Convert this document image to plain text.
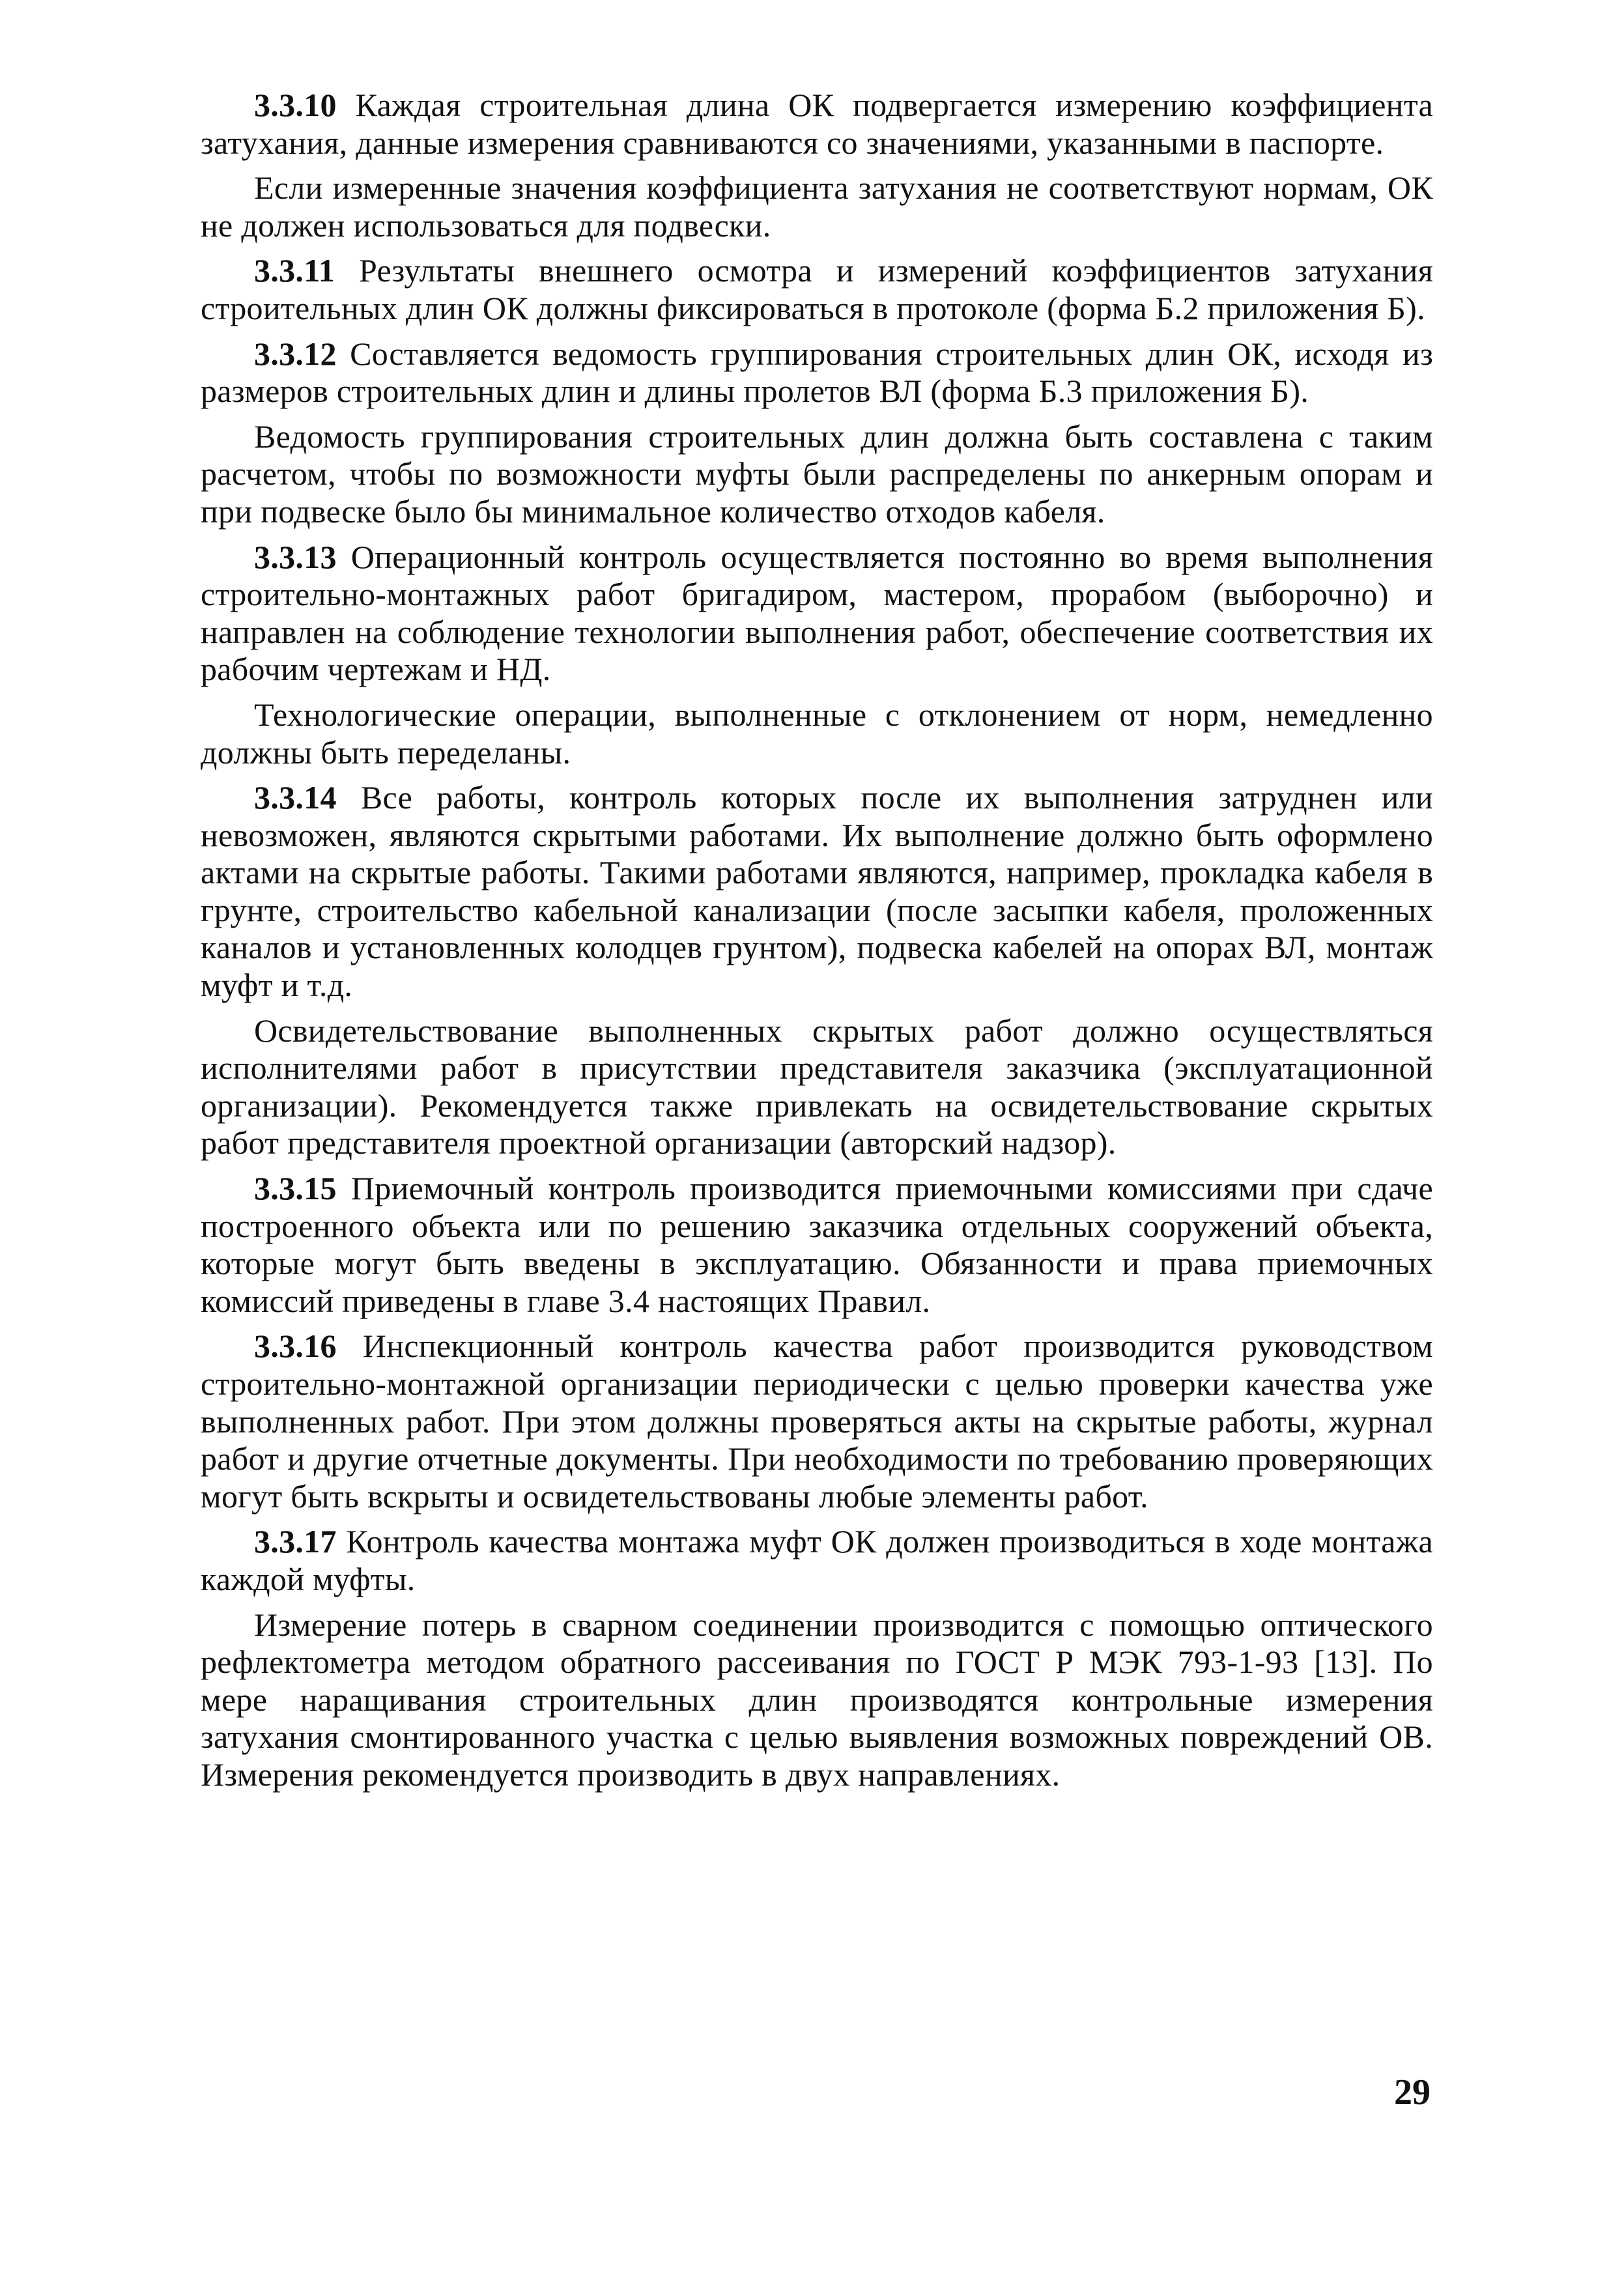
3.3.10 Каждая строительная длина ОК подвергается измерению коэффициента затухания, данные измерения сравниваются со значениями, указанными в паспорте.

Если измеренные значения коэффициента затухания не соответствуют нормам, ОК не должен использоваться для подвески.

3.3.11 Результаты внешнего осмотра и измерений коэффициентов затухания строительных длин ОК должны фиксироваться в протоколе (форма Б.2 приложения Б).

3.3.12 Составляется ведомость группирования строительных длин ОК, исходя из размеров строительных длин и длины пролетов ВЛ (форма Б.3 приложения Б).

Ведомость группирования строительных длин должна быть составлена с таким расчетом, чтобы по возможности муфты были распределены по анкерным опорам и при подвеске было бы минимальное количество отходов кабеля.

3.3.13 Операционный контроль осуществляется постоянно во время выполнения строительно-монтажных работ бригадиром, мастером, прорабом (выборочно) и направлен на соблюдение технологии выполнения работ, обеспечение соответствия их рабочим чертежам и НД.

Технологические операции, выполненные с отклонением от норм, немедленно должны быть переделаны.

3.3.14 Все работы, контроль которых после их выполнения затруднен или невозможен, являются скрытыми работами. Их выполнение должно быть оформлено актами на скрытые работы. Такими работами являются, например, прокладка кабеля в грунте, строительство кабельной канализации (после засыпки кабеля, проложенных каналов и установленных колодцев грунтом), подвеска кабелей на опорах ВЛ, монтаж муфт и т.д.

Освидетельствование выполненных скрытых работ должно осуществляться исполнителями работ в присутствии представителя заказчика (эксплуатационной организации). Рекомендуется также привлекать на освидетельствование скрытых работ представителя проектной организации (авторский надзор).

3.3.15 Приемочный контроль производится приемочными комиссиями при сдаче построенного объекта или по решению заказчика отдельных сооружений объекта, которые могут быть введены в эксплуатацию. Обязанности и права приемочных комиссий приведены в главе 3.4 настоящих Правил.

3.3.16 Инспекционный контроль качества работ производится руководством строительно-монтажной организации периодически с целью проверки качества уже выполненных работ. При этом должны проверяться акты на скрытые работы, журнал работ и другие отчетные документы. При необходимости по требованию проверяющих могут быть вскрыты и освидетельствованы любые элементы работ.

3.3.17 Контроль качества монтажа муфт ОК должен производиться в ходе монтажа каждой муфты.

Измерение потерь в сварном соединении производится с помощью оптического рефлектометра методом обратного рассеивания по ГОСТ Р МЭК 793-1-93 [13]. По мере наращивания строительных длин производятся контрольные измерения затухания смонтированного участка с целью выявления возможных повреждений ОВ. Измерения рекомендуется производить в двух направлениях.

29
